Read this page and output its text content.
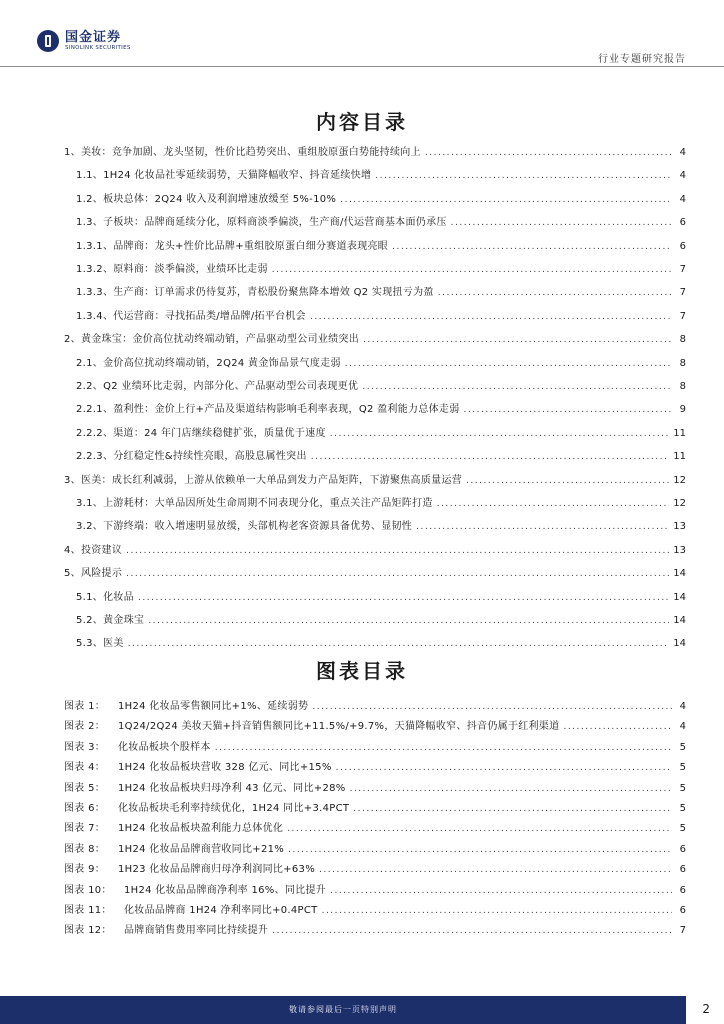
国金证券
SINOLINK SECURITIES
行业专题研究报告
内容目录
1、美妆：竞争加剧、龙头坚韧，性价比趋势突出、重组胶原蛋白势能持续向上 .....	4
1.1、1H24 化妆品社零延续弱势，天猫降幅收窄、抖音延续快增 .....	4
1.2、板块总体：2Q24 收入及利润增速放缓至 5%-10% .....	4
1.3、子板块：品牌商延续分化，原料商淡季偏淡，生产商/代运营商基本面仍承压 .....	6
1.3.1、品牌商：龙头+性价比品牌+重组胶原蛋白细分赛道表现亮眼 .....	6
1.3.2、原料商：淡季偏淡，业绩环比走弱 .....	7
1.3.3、生产商：订单需求仍待复苏，青松股份聚焦降本增效 Q2 实现扭亏为盈 .....	7
1.3.4、代运营商：寻找拓品类/增品牌/拓平台机会 .....	7
2、黄金珠宝：金价高位扰动终端动销，产品驱动型公司业绩突出 .....	8
2.1、金价高位扰动终端动销，2Q24 黄金饰品景气度走弱 .....	8
2.2、Q2 业绩环比走弱，内部分化、产品驱动型公司表现更优 .....	8
2.2.1、盈利性：金价上行+产品及渠道结构影响毛利率表现，Q2 盈利能力总体走弱 .....	9
2.2.2、渠道：24 年门店继续稳健扩张，质量优于速度 .....	11
2.2.3、分红稳定性&持续性亮眼，高股息属性突出 .....	11
3、医美：成长红利减弱，上游从依赖单一大单品到发力产品矩阵，下游聚焦高质量运营 .....	12
3.1、上游耗材：大单品因所处生命周期不同表现分化，重点关注产品矩阵打造 .....	12
3.2、下游终端：收入增速明显放缓，头部机构老客资源具备优势、显韧性 .....	13
4、投资建议 .....	13
5、风险提示 .....	14
5.1、化妆品 .....	14
5.2、黄金珠宝 .....	14
5.3、医美 .....	14
图表目录
图表 1：	1H24 化妆品零售额同比+1%、延续弱势 .....	4
图表 2：	1Q24/2Q24 美妆天猫+抖音销售额同比+11.5%/+9.7%，天猫降幅收窄、抖音仍属于红利渠道 .....	4
图表 3：	化妆品板块个股样本 .....	5
图表 4：	1H24 化妆品板块营收 328 亿元、同比+15% .....	5
图表 5：	1H24 化妆品板块归母净利 43 亿元、同比+28% .....	5
图表 6：	化妆品板块毛利率持续优化，1H24 同比+3.4PCT .....	5
图表 7：	1H24 化妆品板块盈利能力总体优化 .....	5
图表 8：	1H24 化妆品品牌商营收同比+21% .....	6
图表 9：	1H23 化妆品品牌商归母净利润同比+63% .....	6
图表 10：	1H24 化妆品品牌商净利率 16%、同比提升 .....	6
图表 11：	化妆品品牌商 1H24 净利率同比+0.4PCT .....	6
图表 12：	品牌商销售费用率同比持续提升 .....	7
敬请参阅最后一页特别声明	2
